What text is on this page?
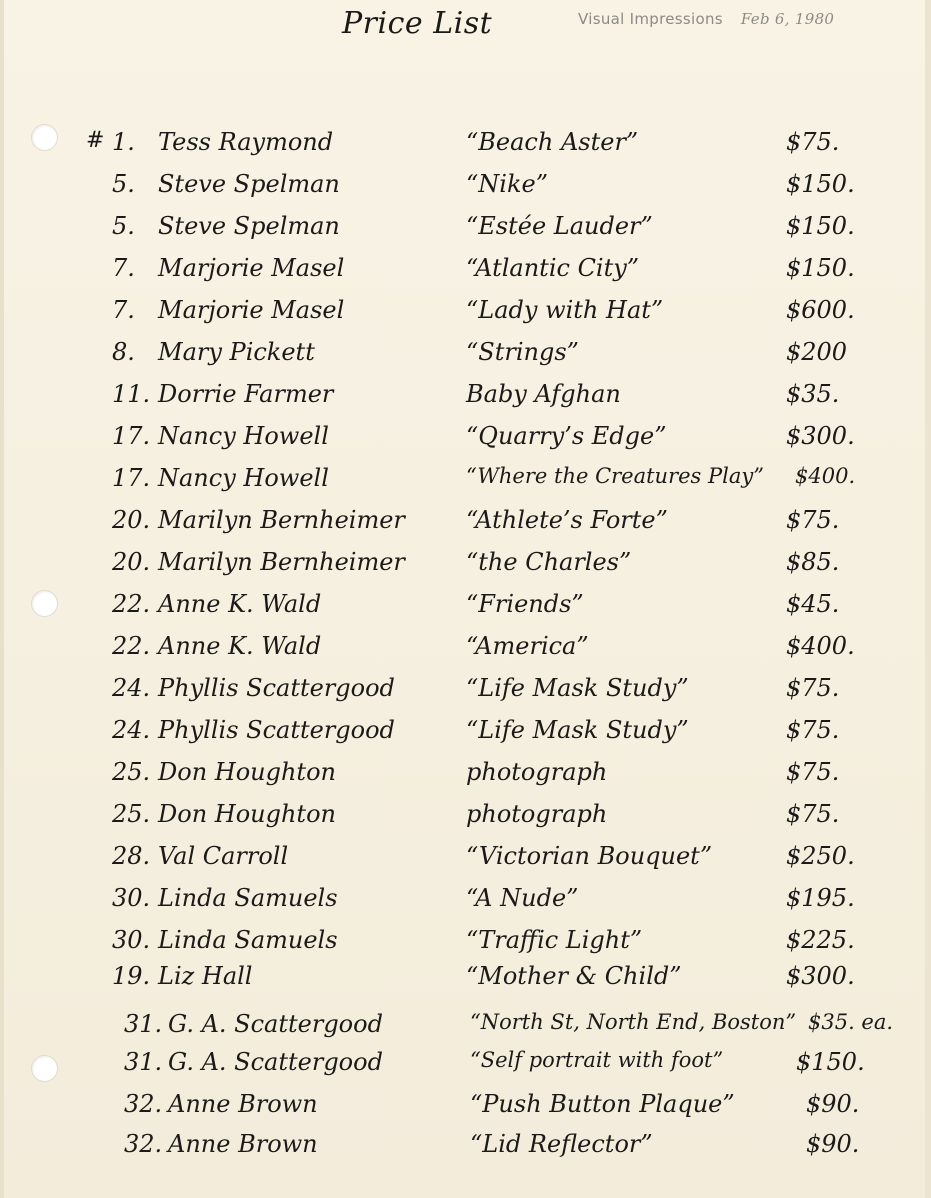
Price List	Visual Impressions Feb 6, 1980
# 1. Tess Raymond	“Beach Aster”	$75.
5. Steve Spelman	“Nike”	$150.
5. Steve Spelman	“Estée Lauder”	$150.
7. Marjorie Masel	“Atlantic City”	$150.
7. Marjorie Masel	“Lady with Hat”	$600.
8. Mary Pickett	“Strings”	$200
11. Dorrie Farmer	Baby Afghan	$35.
17. Nancy Howell	“Quarry’s Edge”	$300.
17. Nancy Howell	“Where the Creatures Play” $400.
20. Marilyn Bernheimer	“Athlete’s Forte”	$75.
20. Marilyn Bernheimer	“the Charles”	$85.
22. Anne K. Wald	“Friends”	$45.
22. Anne K. Wald	“America”	$400.
24. Phyllis Scattergood	“Life Mask Study”	$75.
24. Phyllis Scattergood	“Life Mask Study”	$75.
25. Don Houghton	photograph	$75.
25. Don Houghton	photograph	$75.
28. Val Carroll	“Victorian Bouquet”	$250.
30. Linda Samuels	“A Nude”	$195.
30. Linda Samuels	“Traffic Light”	$225.
19. Liz Hall	“Mother & Child”	$300.
31. G. A. Scattergood	“North St, North End, Boston” $35. ea.
31. G. A. Scattergood	“Self portrait with foot”	$150.
32. Anne Brown	“Push Button Plaque”	$90.
32. Anne Brown	“Lid Reflector”	$90.
